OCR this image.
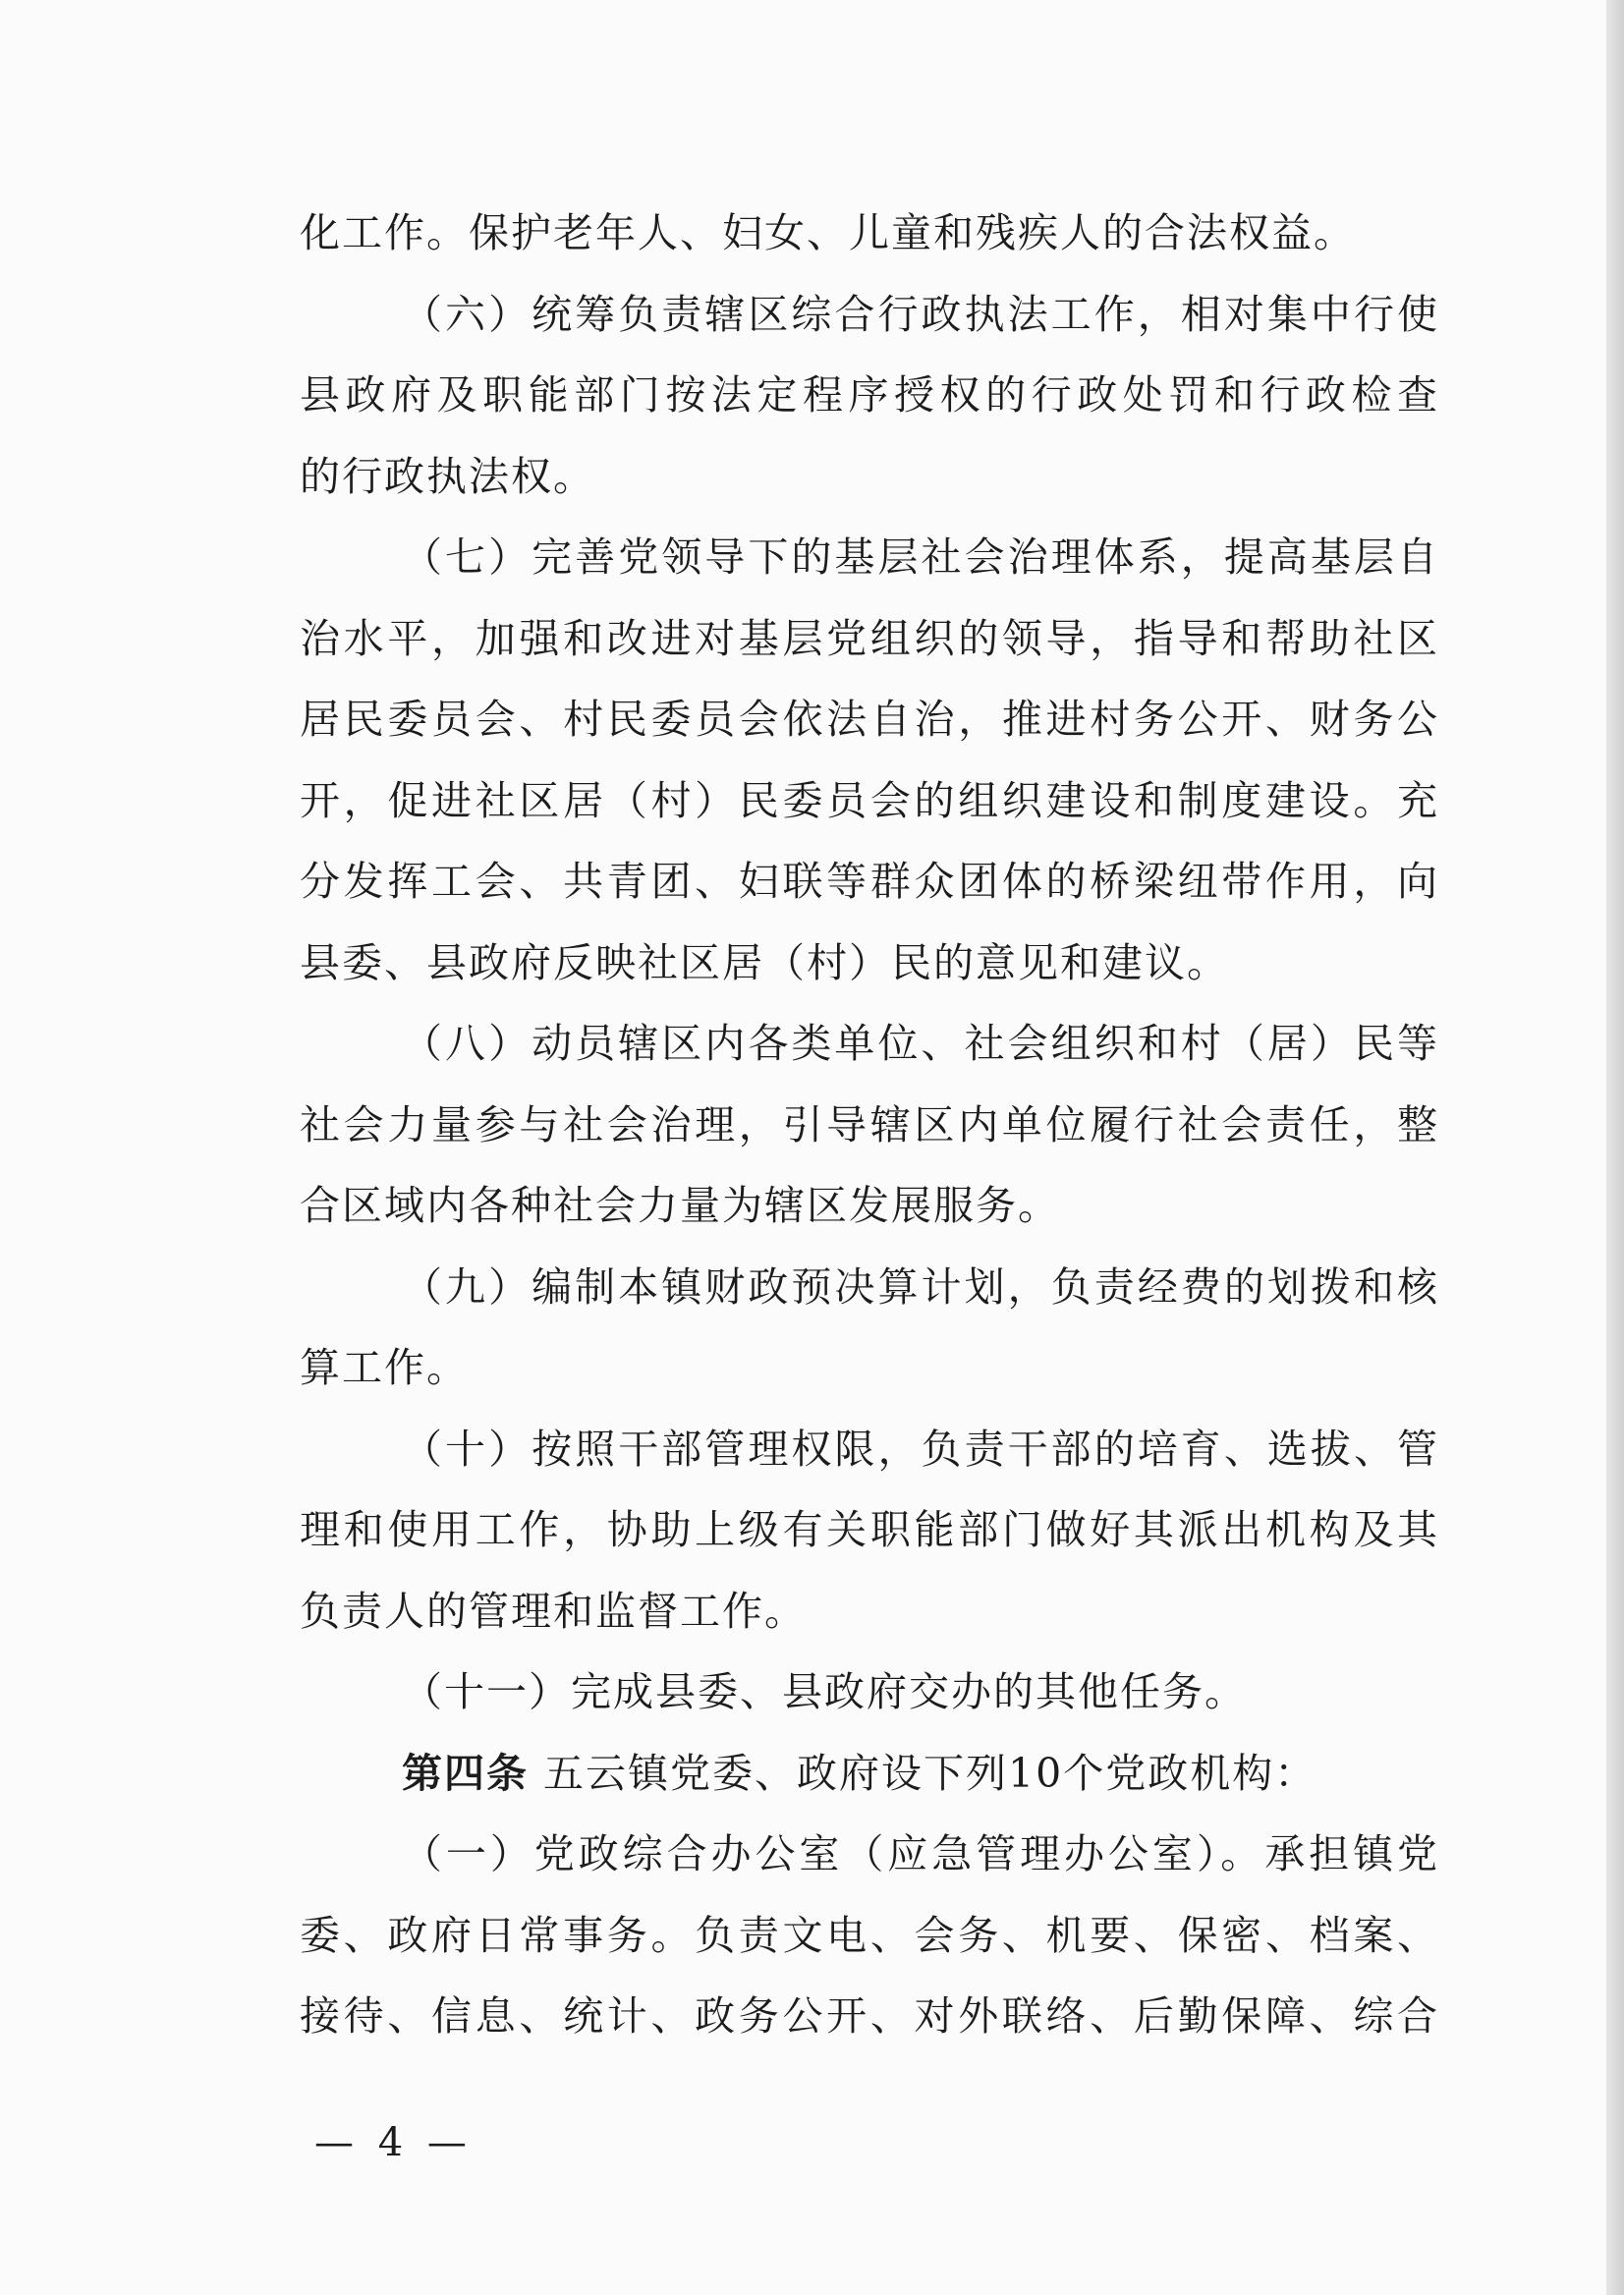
化工作。保护老年人、妇女、儿童和残疾人的合法权益。
（六）统筹负责辖区综合行政执法工作，相对集中行使
县政府及职能部门按法定程序授权的行政处罚和行政检查
的行政执法权。
（七）完善党领导下的基层社会治理体系，提高基层自
治水平，加强和改进对基层党组织的领导，指导和帮助社区
居民委员会、村民委员会依法自治，推进村务公开、财务公
开，促进社区居（村）民委员会的组织建设和制度建设。充
分发挥工会、共青团、妇联等群众团体的桥梁纽带作用，向
县委、县政府反映社区居（村）民的意见和建议。
（八）动员辖区内各类单位、社会组织和村（居）民等
社会力量参与社会治理，引导辖区内单位履行社会责任，整
合区域内各种社会力量为辖区发展服务。
（九）编制本镇财政预决算计划，负责经费的划拨和核
算工作。
（十）按照干部管理权限，负责干部的培育、选拔、管
理和使用工作，协助上级有关职能部门做好其派出机构及其
负责人的管理和监督工作。
（十一）完成县委、县政府交办的其他任务。
第四条 五云镇党委、政府设下列10个党政机构：
（一）党政综合办公室（应急管理办公室）。承担镇党
委、政府日常事务。负责文电、会务、机要、保密、档案、
接待、信息、统计、政务公开、对外联络、后勤保障、综合
— 4 —
